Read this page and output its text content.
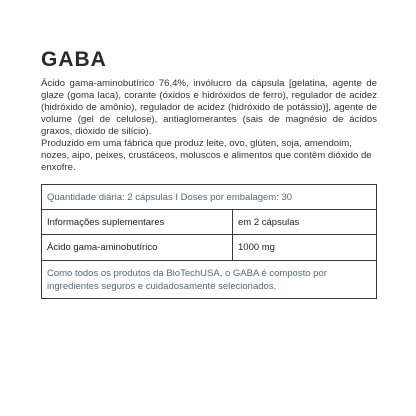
GABA

Ácido gama-aminobutírico 76,4%, invólucro da cápsula [gelatina, agente de glaze (goma laca), corante (óxidos e hidróxidos de ferro), regulador de acidez (hidróxido de amônio), regulador de acidez (hidróxido de potássio)], agente de volume (gel de celulose), antiaglomerantes (sais de magnésio de ácidos graxos, dióxido de silício).

Produzido em uma fábrica que produz leite, ovo, glúten, soja, amendoim, nozes, aipo, peixes, crustáceos, moluscos e alimentos que contêm dióxido de enxofre.

Quantidade diária: 2 cápsulas I Doses por embalagem: 30	
Informações suplementares	em 2 cápsulas
Ácido gama-aminobutírico	1000 mg
Como todos os produtos da BioTechUSA, o GABA é composto por ingredientes seguros e cuidadosamente selecionados.	
